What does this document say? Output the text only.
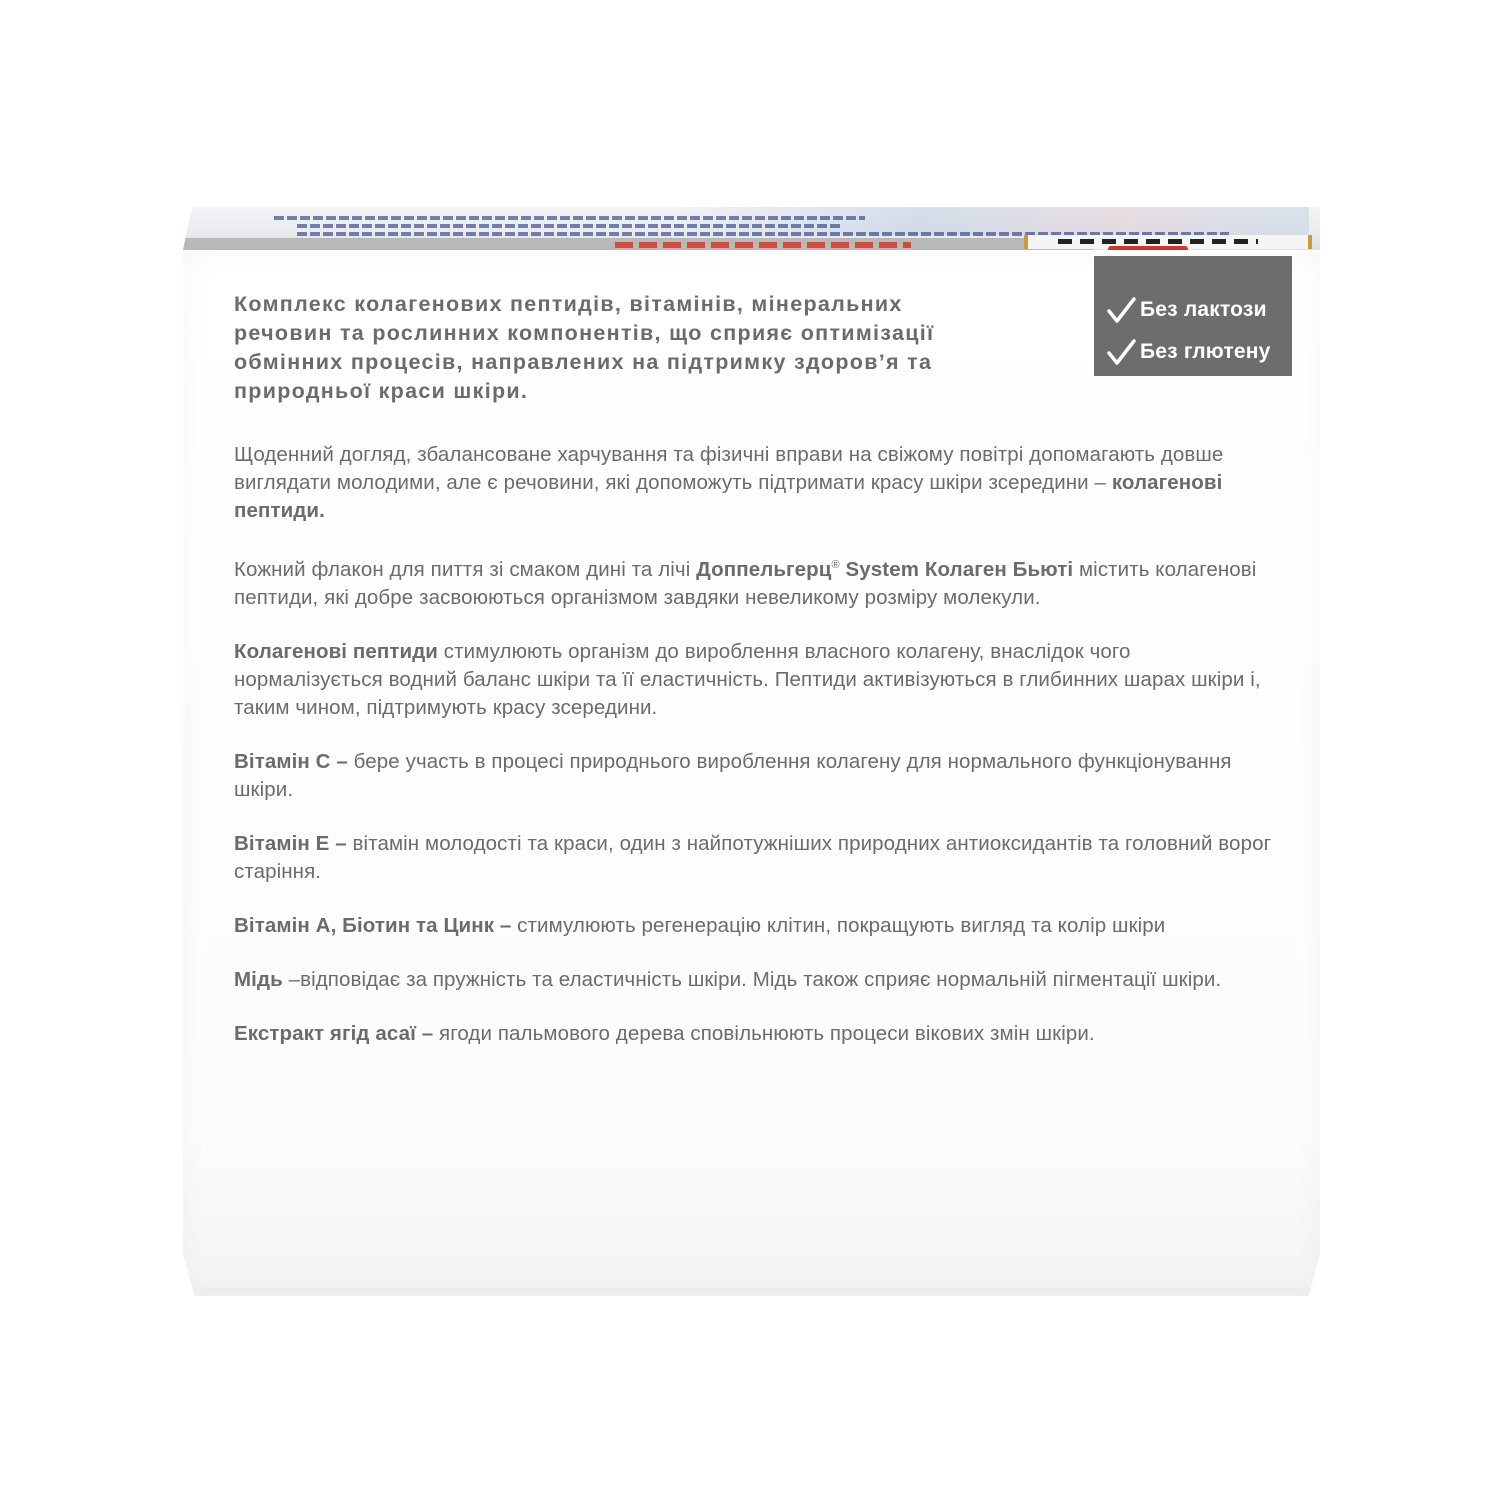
Без лактози
Без глютену

Комплекс колагенових пептидів, вітамінів, мінеральних речовин та рослинних компонентів, що сприяє оптимізації обмінних процесів, направлених на підтримку здоров’я та природньої краси шкіри.

Щоденний догляд, збалансоване харчування та фізичні вправи на свіжому повітрі допомагають довше виглядати молодими, але є речовини, які допоможуть підтримати красу шкіри зсередини – колагенові пептиди.

Кожний флакон для пиття зі смаком дині та лічі Доппельгерц® System Колаген Бьюті містить колагенові пептиди, які добре засвоюються організмом завдяки невеликому розміру молекули.

Колагенові пептиди стимулюють організм до вироблення власного колагену, внаслідок чого нормалізується водний баланс шкіри та її еластичність. Пептиди активізуються в глибинних шарах шкіри і, таким чином, підтримують красу зсередини.

Вітамін С – бере участь в процесі природнього вироблення колагену для нормального функціонування шкіри.

Вітамін Е – вітамін молодості та краси, один з найпотужніших природних антиоксидантів та головний ворог старіння.

Вітамін А, Біотин та Цинк – стимулюють регенерацію клітин, покращують вигляд та колір шкіри

Мідь –відповідає за пружність та еластичність шкіри. Мідь також сприяє нормальній пігментації шкіри.

Екстракт ягід асаї – ягоди пальмового дерева сповільнюють процеси вікових змін шкіри.
